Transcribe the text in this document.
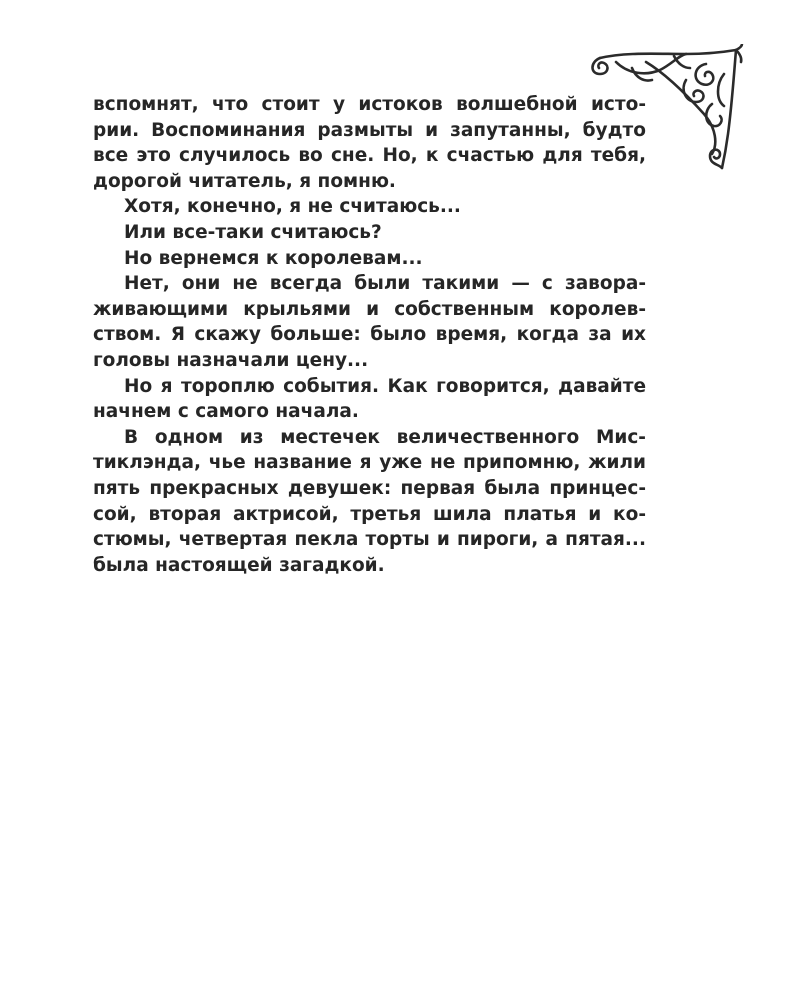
вспомнят, что стоит у истоков волшебной исто-
рии. Воспоминания размыты и запутанны, будто
все это случилось во сне. Но, к счастью для тебя,
дорогой читатель, я помню.
Хотя, конечно, я не считаюсь...
Или все-таки считаюсь?
Но вернемся к королевам...
Нет, они не всегда были такими — с завора-
живающими крыльями и собственным королев-
ством. Я скажу больше: было время, когда за их
головы назначали цену...
Но я тороплю события. Как говорится, давайте
начнем с самого начала.
В одном из местечек величественного Мис-
тиклэнда, чье название я уже не припомню, жили
пять прекрасных девушек: первая была принцес-
сой, вторая актрисой, третья шила платья и ко-
стюмы, четвертая пекла торты и пироги, а пятая...
была настоящей загадкой.
